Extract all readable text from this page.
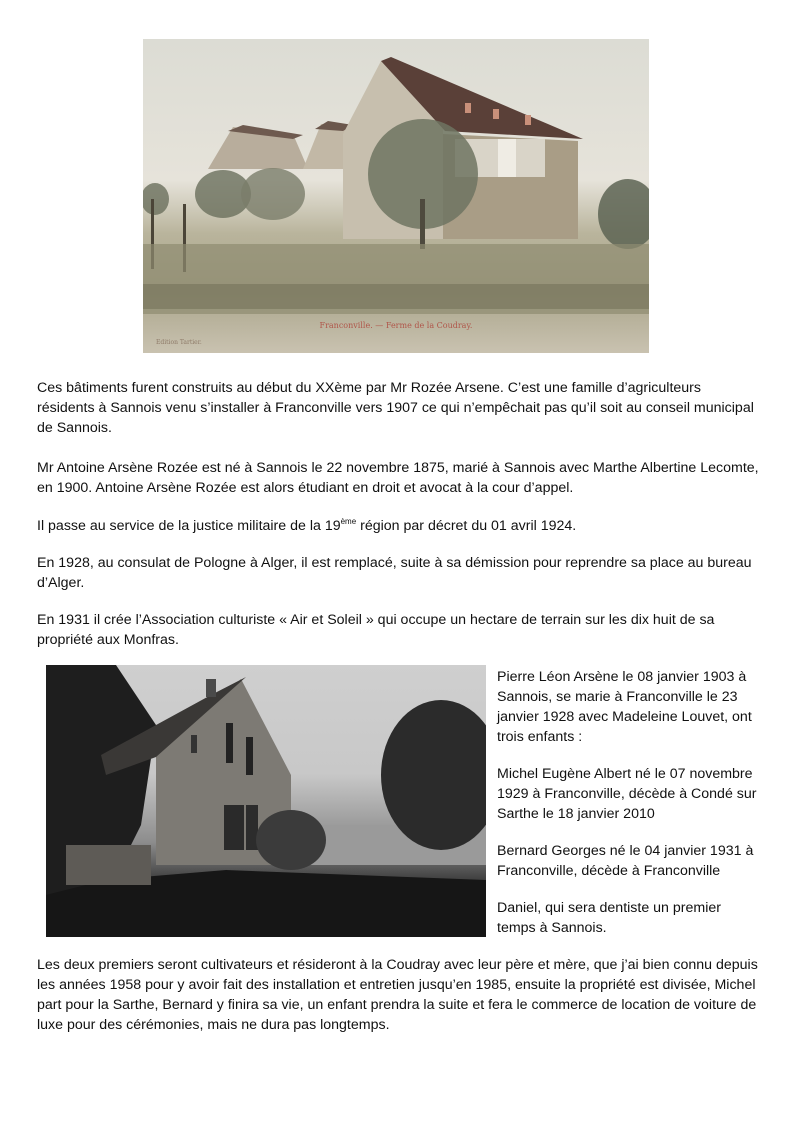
Franconville. — Ferme de la Coudray.
Edition Tartier.

Ces bâtiments furent construits au début du XXème par Mr Rozée Arsene. C’est une famille d’agriculteurs résidents à Sannois venu s’installer à Franconville vers 1907 ce qui n’empêchait pas qu’il soit au conseil municipal de Sannois.

Mr Antoine Arsène Rozée est né à Sannois le 22 novembre 1875, marié à Sannois avec Marthe Albertine Lecomte, en 1900. Antoine Arsène Rozée est alors étudiant en droit et avocat à la cour d’appel.

Il passe au service de la justice militaire de la 19ème région par décret du 01 avril 1924.

En 1928, au consulat de Pologne à Alger, il est remplacé, suite à sa démission pour reprendre sa place au bureau d’Alger.

En 1931 il crée l’Association culturiste « Air et Soleil » qui occupe un hectare de terrain sur les dix huit de sa propriété aux Monfras.

Pierre Léon Arsène le 08 janvier 1903 à Sannois, se marie à Franconville le 23 janvier 1928 avec Madeleine Louvet, ont trois enfants :

Michel Eugène Albert né le 07 novembre 1929 à Franconville, décède à Condé sur Sarthe le 18 janvier 2010

Bernard Georges né le 04 janvier 1931 à Franconville, décède à Franconville

Daniel, qui sera dentiste un premier temps à Sannois.

Les deux premiers seront cultivateurs et résideront à la Coudray avec leur père et mère, que j’ai bien connu depuis les années 1958 pour y avoir fait des installation et entretien jusqu’en 1985, ensuite la propriété est divisée, Michel part pour la Sarthe, Bernard y finira sa vie, un enfant prendra la suite et fera le commerce de location de voiture de luxe pour des cérémonies, mais ne dura pas longtemps.
